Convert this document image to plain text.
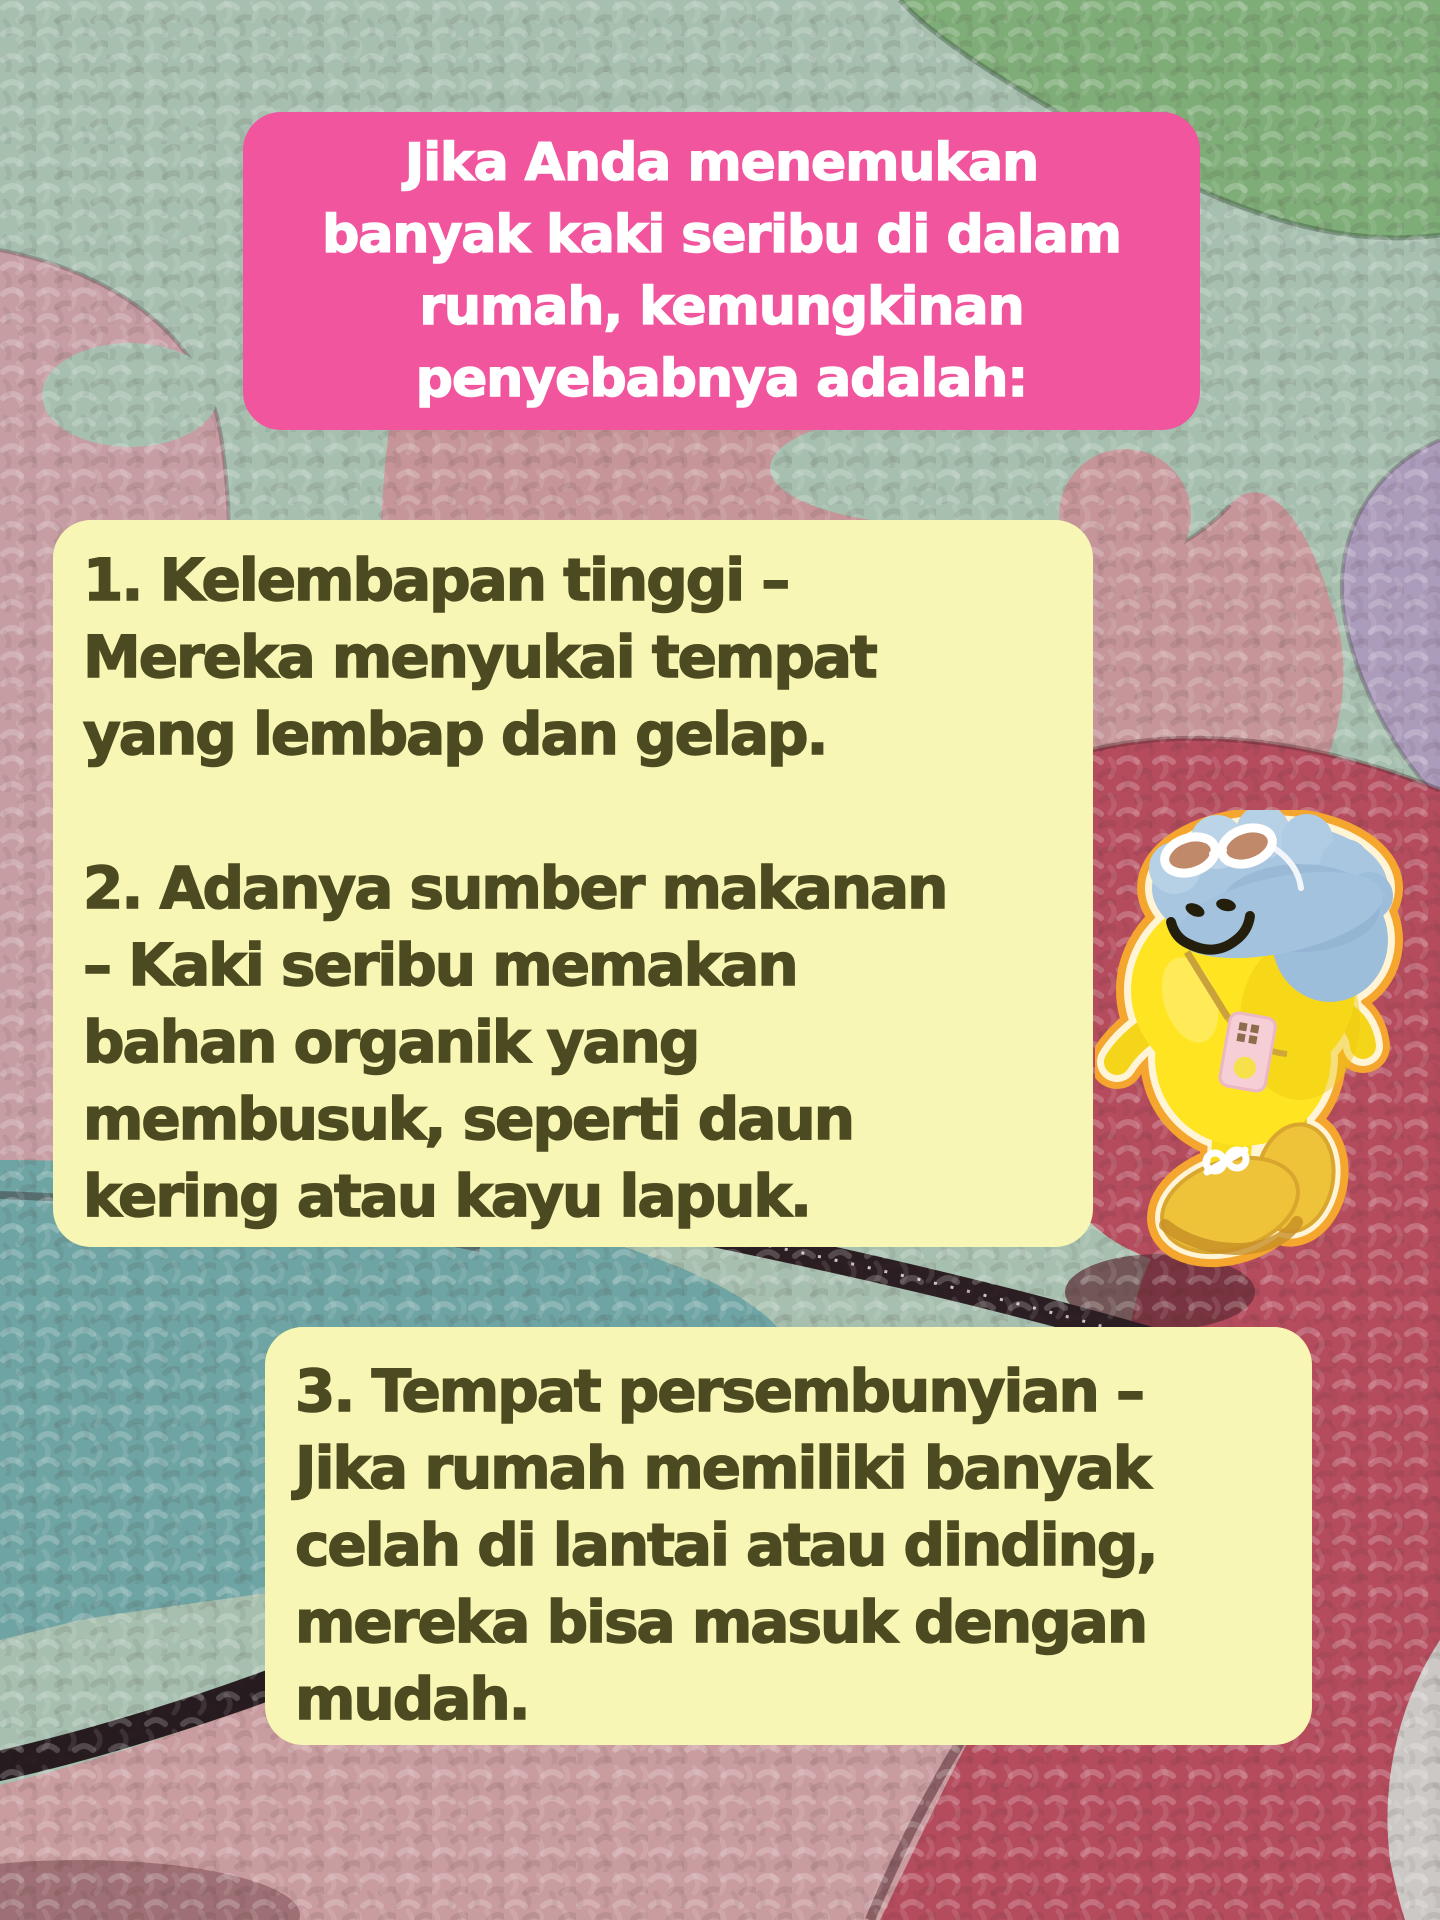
Jika Anda menemukan

banyak kaki seribu di dalam

rumah, kemungkinan

penyebabnya adalah:

1. Kelembapan tinggi –

Mereka menyukai tempat

yang lembap dan gelap.

2. Adanya sumber makanan

– Kaki seribu memakan

bahan organik yang

membusuk, seperti daun

kering atau kayu lapuk.

3. Tempat persembunyian –

Jika rumah memiliki banyak

celah di lantai atau dinding,

mereka bisa masuk dengan

mudah.
